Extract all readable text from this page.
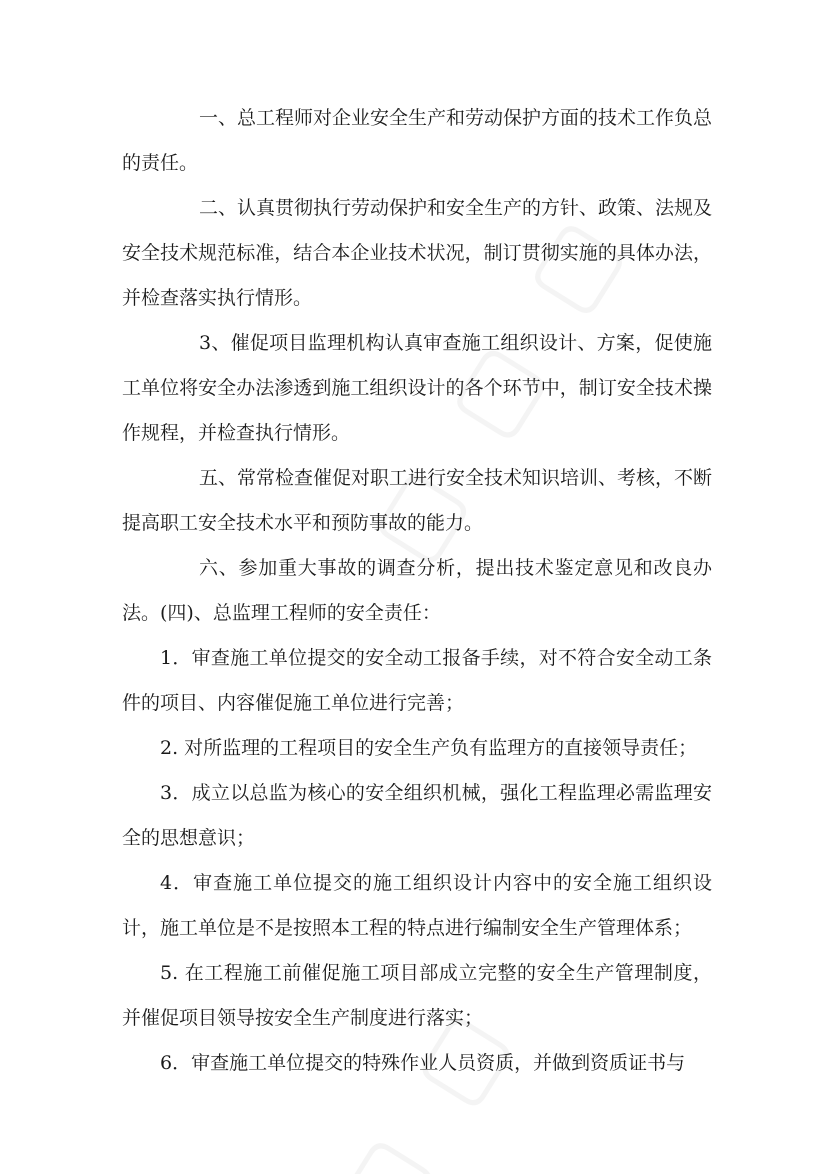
一、总工程师对企业安全生产和劳动保护方面的技术工作负总的责任。

二、认真贯彻执行劳动保护和安全生产的方针、政策、法规及安全技术规范标准，结合本企业技术状况，制订贯彻实施的具体办法，并检查落实执行情形。

3、催促项目监理机构认真审查施工组织设计、方案，促使施工单位将安全办法渗透到施工组织设计的各个环节中，制订安全技术操作规程，并检查执行情形。

五、常常检查催促对职工进行安全技术知识培训、考核，不断提高职工安全技术水平和预防事故的能力。

六、参加重大事故的调查分析，提出技术鉴定意见和改良办法。(四)、总监理工程师的安全责任：

1．审查施工单位提交的安全动工报备手续，对不符合安全动工条件的项目、内容催促施工单位进行完善；

2. 对所监理的工程项目的安全生产负有监理方的直接领导责任；

3．成立以总监为核心的安全组织机械，强化工程监理必需监理安全的思想意识；

4．审查施工单位提交的施工组织设计内容中的安全施工组织设计，施工单位是不是按照本工程的特点进行编制安全生产管理体系；

5. 在工程施工前催促施工项目部成立完整的安全生产管理制度，并催促项目领导按安全生产制度进行落实；

6．审查施工单位提交的特殊作业人员资质，并做到资质证书与
